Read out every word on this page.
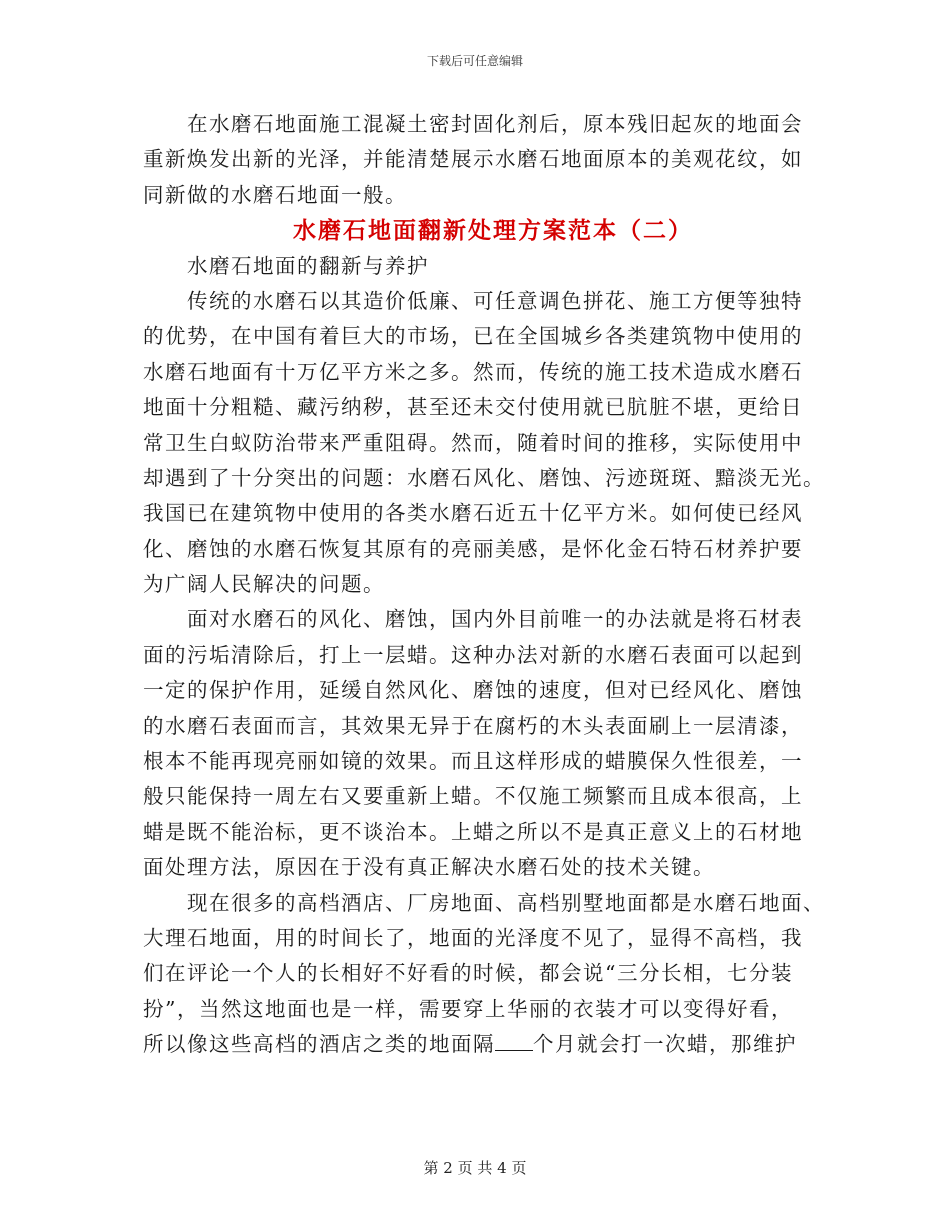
下载后可任意编辑
在水磨石地面施工混凝土密封固化剂后，原本残旧起灰的地面会
重新焕发出新的光泽，并能清楚展示水磨石地面原本的美观花纹，如
同新做的水磨石地面一般。
水磨石地面翻新处理方案范本（二）
水磨石地面的翻新与养护
传统的水磨石以其造价低廉、可任意调色拼花、施工方便等独特
的优势，在中国有着巨大的市场，已在全国城乡各类建筑物中使用的
水磨石地面有十万亿平方米之多。然而，传统的施工技术造成水磨石
地面十分粗糙、藏污纳秽，甚至还未交付使用就已肮脏不堪，更给日
常卫生白蚁防治带来严重阻碍。然而，随着时间的推移，实际使用中
却遇到了十分突出的问题：水磨石风化、磨蚀、污迹斑斑、黯淡无光。
我国已在建筑物中使用的各类水磨石近五十亿平方米。如何使已经风
化、磨蚀的水磨石恢复其原有的亮丽美感，是怀化金石特石材养护要
为广阔人民解决的问题。
面对水磨石的风化、磨蚀，国内外目前唯一的办法就是将石材表
面的污垢清除后，打上一层蜡。这种办法对新的水磨石表面可以起到
一定的保护作用，延缓自然风化、磨蚀的速度，但对已经风化、磨蚀
的水磨石表面而言，其效果无异于在腐朽的木头表面刷上一层清漆，
根本不能再现亮丽如镜的效果。而且这样形成的蜡膜保久性很差，一
般只能保持一周左右又要重新上蜡。不仅施工频繁而且成本很高，上
蜡是既不能治标，更不谈治本。上蜡之所以不是真正意义上的石材地
面处理方法，原因在于没有真正解决水磨石处的技术关键。
现在很多的高档酒店、厂房地面、高档别墅地面都是水磨石地面、
大理石地面，用的时间长了，地面的光泽度不见了，显得不高档，我
们在评论一个人的长相好不好看的时候，都会说“三分长相，七分装
扮”，当然这地面也是一样，需要穿上华丽的衣装才可以变得好看，
所以像这些高档的酒店之类的地面隔 个月就会打一次蜡，那维护
第 2 页 共 4 页
